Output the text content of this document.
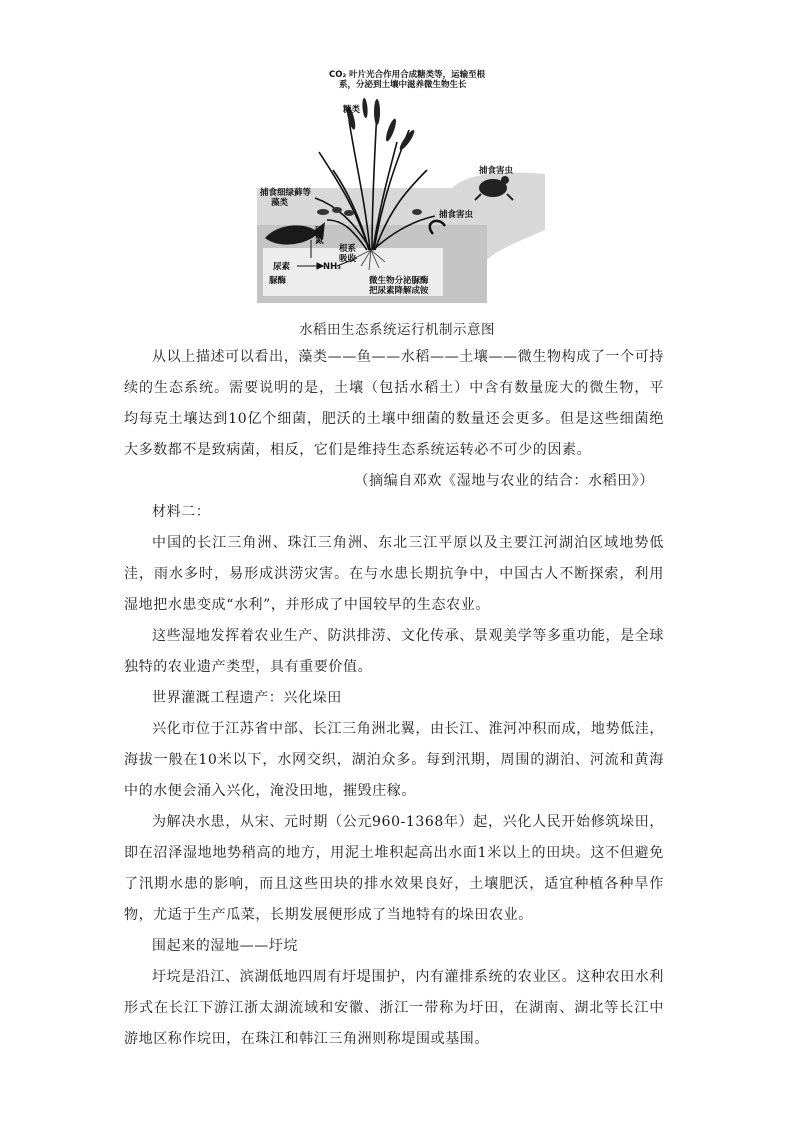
CO₂ 叶片光合作用合成糖类等，运输至根
系，分泌到土壤中滋养微生物生长
糖类
捕食细绿藓等
藻类
捕食害虫
捕食害虫
固
氮
根系
吸收
尿素	NH₃
脲酶	微生物分泌脲酶
把尿素降解成铵
水稻田生态系统运行机制示意图

从以上描述可以看出，藻类——鱼——水稻——土壤——微生物构成了一个可持续的生态系统。需要说明的是，土壤（包括水稻土）中含有数量庞大的微生物，平均每克土壤达到10亿个细菌，肥沃的土壤中细菌的数量还会更多。但是这些细菌绝大多数都不是致病菌，相反，它们是维持生态系统运转必不可少的因素。

（摘编自邓欢《湿地与农业的结合：水稻田》）

材料二：

中国的长江三角洲、珠江三角洲、东北三江平原以及主要江河湖泊区域地势低洼，雨水多时，易形成洪涝灾害。在与水患长期抗争中，中国古人不断探索，利用湿地把水患变成“水利”，并形成了中国较早的生态农业。

这些湿地发挥着农业生产、防洪排涝、文化传承、景观美学等多重功能，是全球独特的农业遗产类型，具有重要价值。

世界灌溉工程遗产：兴化垛田

兴化市位于江苏省中部、长江三角洲北翼，由长江、淮河冲积而成，地势低洼，海拔一般在10米以下，水网交织，湖泊众多。每到汛期，周围的湖泊、河流和黄海中的水便会涌入兴化，淹没田地，摧毁庄稼。

为解决水患，从宋、元时期（公元960-1368年）起，兴化人民开始修筑垛田，即在沼泽湿地地势稍高的地方，用泥土堆积起高出水面1米以上的田块。这不但避免了汛期水患的影响，而且这些田块的排水效果良好，土壤肥沃，适宜种植各种旱作物，尤适于生产瓜菜，长期发展便形成了当地特有的垛田农业。

围起来的湿地——圩垸

圩垸是沿江、滨湖低地四周有圩堤围护，内有灌排系统的农业区。这种农田水利形式在长江下游江浙太湖流域和安徽、浙江一带称为圩田，在湖南、湖北等长江中游地区称作垸田，在珠江和韩江三角洲则称堤围或基围。
